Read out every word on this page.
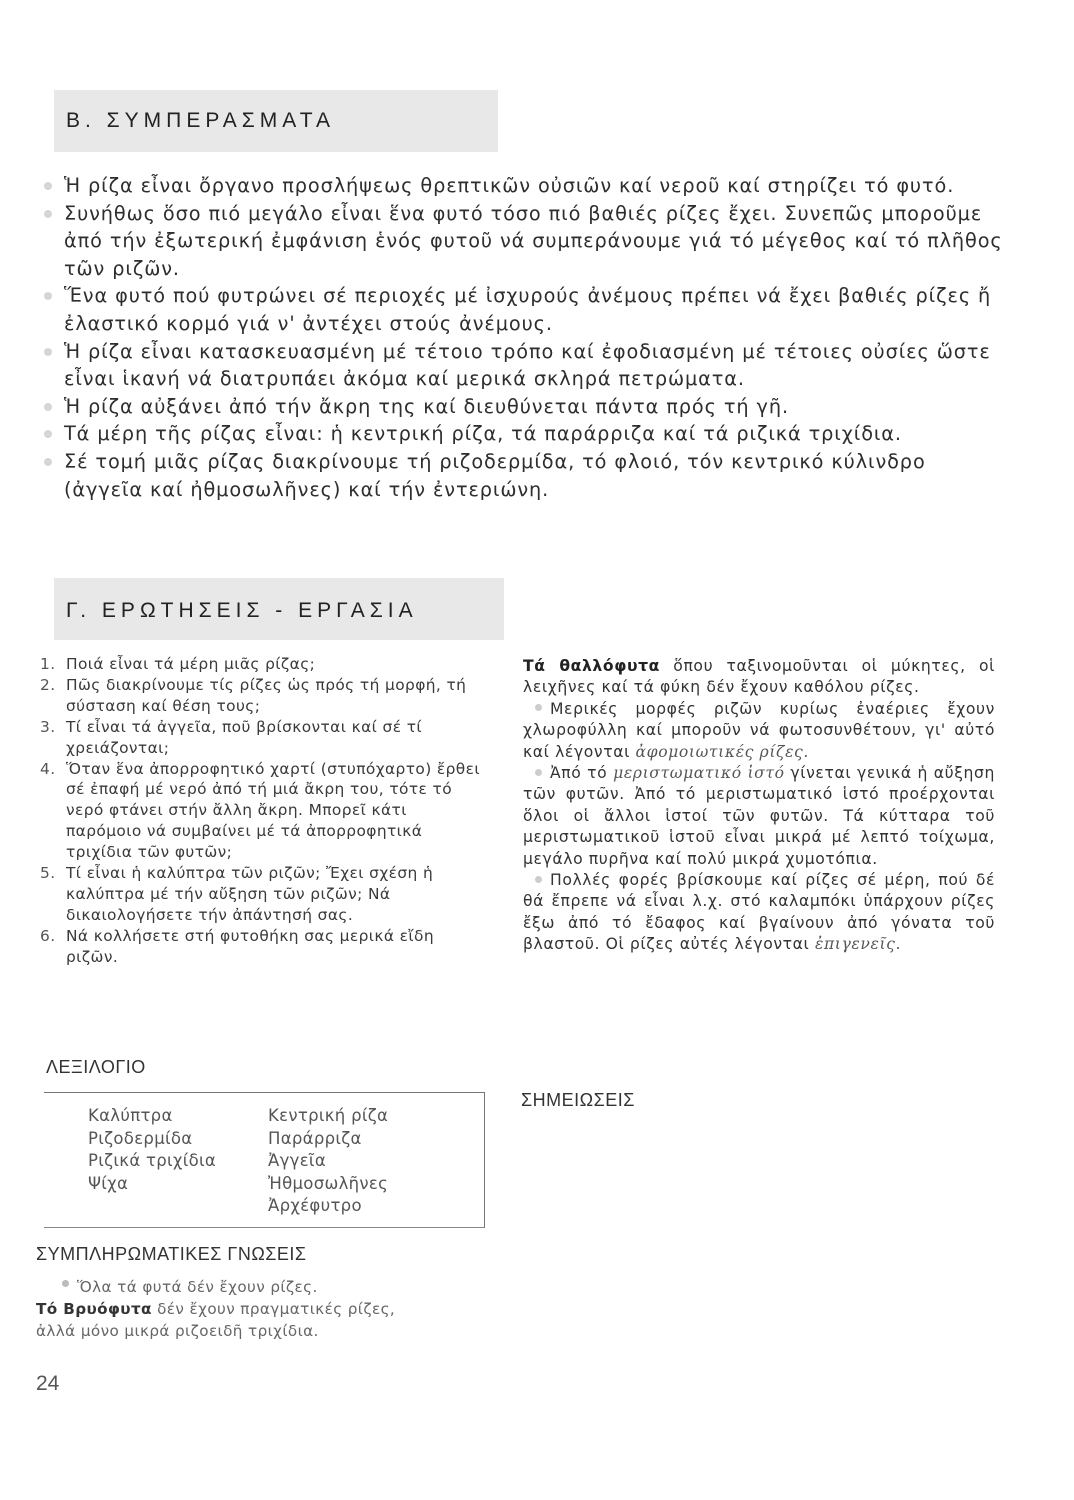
Β. ΣΥΜΠΕΡΑΣΜΑΤΑ
Ἡ ρίζα εἶναι ὄργανο προσλήψεως θρεπτικῶν οὐσιῶν καί νεροῦ καί στηρίζει τό φυτό.
Συνήθως ὅσο πιό μεγάλο εἶναι ἕνα φυτό τόσο πιό βαθιές ρίζες ἔχει. Συνεπῶς μποροῦμε ἀπό τήν ἐξωτερική ἐμφάνιση ἑνός φυτοῦ νά συμπεράνουμε γιά τό μέγεθος καί τό πλῆθος τῶν ριζῶν.
Ἕνα φυτό πού φυτρώνει σέ περιοχές μέ ἰσχυρούς ἀνέμους πρέπει νά ἔχει βαθιές ρίζες ἤ ἐλαστικό κορμό γιά ν' ἀντέχει στούς ἀνέμους.
Ἡ ρίζα εἶναι κατασκευασμένη μέ τέτοιο τρόπο καί ἐφοδιασμένη μέ τέτοιες οὐσίες ὥστε εἶναι ἱκανή νά διατρυπάει ἀκόμα καί μερικά σκληρά πετρώματα.
Ἡ ρίζα αὐξάνει ἀπό τήν ἄκρη της καί διευθύνεται πάντα πρός τή γῆ.
Τά μέρη τῆς ρίζας εἶναι: ἡ κεντρική ρίζα, τά παράρριζα καί τά ριζικά τριχίδια.
Σέ τομή μιᾶς ρίζας διακρίνουμε τή ριζοδερμίδα, τό φλοιό, τόν κεντρικό κύλινδρο (ἀγγεῖα καί ἠθμοσωλῆνες) καί τήν ἐντεριώνη.
Γ. ΕΡΩΤΗΣΕΙΣ - ΕΡΓΑΣΙΑ
1. Ποιά εἶναι τά μέρη μιᾶς ρίζας;
2. Πῶς διακρίνουμε τίς ρίζες ὡς πρός τή μορφή, τή σύσταση καί θέση τους;
3. Τί εἶναι τά ἀγγεῖα, ποῦ βρίσκονται καί σέ τί χρειάζονται;
4. Ὅταν ἕνα ἀπορροφητικό χαρτί (στυπόχαρτο) ἔρθει σέ ἐπαφή μέ νερό ἀπό τή μιά ἄκρη του, τότε τό νερό φτάνει στήν ἄλλη ἄκρη. Μπορεῖ κάτι παρόμοιο νά συμβαίνει μέ τά ἀπορροφητικά τριχίδια τῶν φυτῶν;
5. Τί εἶναι ἡ καλύπτρα τῶν ριζῶν; Ἔχει σχέση ἡ καλύπτρα μέ τήν αὔξηση τῶν ριζῶν; Νά δικαιολογήσετε τήν ἀπάντησή σας.
6. Νά κολλήσετε στή φυτοθήκη σας μερικά εἴδη ριζῶν.
ΛΕΞΙΛΟΓΙΟ
Καλύπτρα
Ριζοδερμίδα
Ριζικά τριχίδια
Ψίχα
Κεντρική ρίζα
Παράρριζα
Ἀγγεῖα
Ἠθμοσωλῆνες
Ἀρχέφυτρο
ΣΥΜΠΛΗΡΩΜΑΤΙΚΕΣ ΓΝΩΣΕΙΣ

Ὅλα τά φυτά δέν ἔχουν ρίζες.

Τό Βρυόφυτα δέν ἔχουν πραγματικές ρίζες,

ἀλλά μόνο μικρά ριζοειδῆ τριχίδια.

Τά θαλλόφυτα ὅπου ταξινομοῦνται οἱ μύκητες, οἱ λειχῆνες καί τά φύκη δέν ἔχουν καθόλου ρίζες.

Μερικές μορφές ριζῶν κυρίως ἐναέριες ἔχουν χλωροφύλλη καί μποροῦν νά φωτοσυνθέτουν, γι' αὐτό καί λέγονται ἀφομοιωτικές ρίζες.

Ἀπό τό μεριστωματικό ἱστό γίνεται γενικά ἡ αὔξηση τῶν φυτῶν. Ἀπό τό μεριστωματικό ἱστό προέρχονται ὅλοι οἱ ἄλλοι ἱστοί τῶν φυτῶν. Τά κύτταρα τοῦ μεριστωματικοῦ ἱστοῦ εἶναι μικρά μέ λεπτό τοίχωμα, μεγάλο πυρῆνα καί πολύ μικρά χυμοτόπια.

Πολλές φορές βρίσκουμε καί ρίζες σέ μέρη, πού δέ θά ἔπρεπε νά εἶναι λ.χ. στό καλαμπόκι ὑπάρχουν ρίζες ἔξω ἀπό τό ἔδαφος καί βγαίνουν ἀπό γόνατα τοῦ βλαστοῦ. Οἱ ρίζες αὐτές λέγονται ἐπιγενεῖς.

ΣΗΜΕΙΩΣΕΙΣ
24
